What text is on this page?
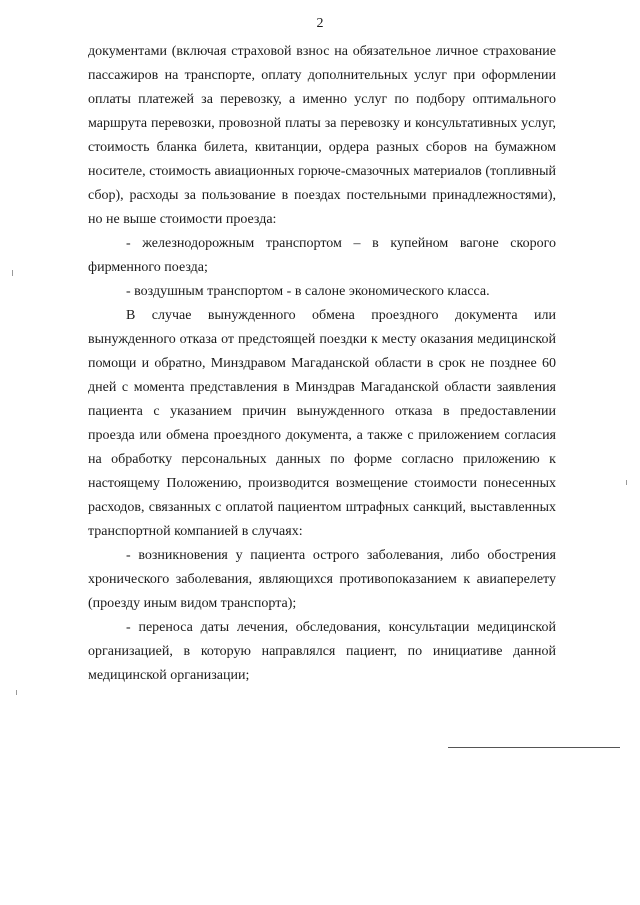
2

документами (включая страховой взнос на обязательное личное страхование пассажиров на транспорте, оплату дополнительных услуг при оформлении оплаты платежей за перевозку, а именно услуг по подбору оптимального маршрута перевозки, провозной платы за перевозку и консультативных услуг, стоимость бланка билета, квитанции, ордера разных сборов на бумажном носителе, стоимость авиационных горюче-смазочных материалов (топливный сбор), расходы за пользование в поездах постельными принадлежностями), но не выше стоимости проезда:

- железнодорожным транспортом – в купейном вагоне скорого фирменного поезда;

- воздушным транспортом - в салоне экономического класса.

В случае вынужденного обмена проездного документа или вынужденного отказа от предстоящей поездки к месту оказания медицинской помощи и обратно, Минздравом Магаданской области в срок не позднее 60 дней с момента представления в Минздрав Магаданской области заявления пациента с указанием причин вынужденного отказа в предоставлении проезда или обмена проездного документа, а также с приложением согласия на обработку персональных данных по форме согласно приложению к настоящему Положению, производится возмещение стоимости понесенных расходов, связанных с оплатой пациентом штрафных санкций, выставленных транспортной компанией в случаях:

- возникновения у пациента острого заболевания, либо обострения хронического заболевания, являющихся противопоказанием к авиаперелету (проезду иным видом транспорта);

- переноса даты лечения, обследования, консультации медицинской организацией, в которую направлялся пациент, по инициативе данной медицинской организации;
